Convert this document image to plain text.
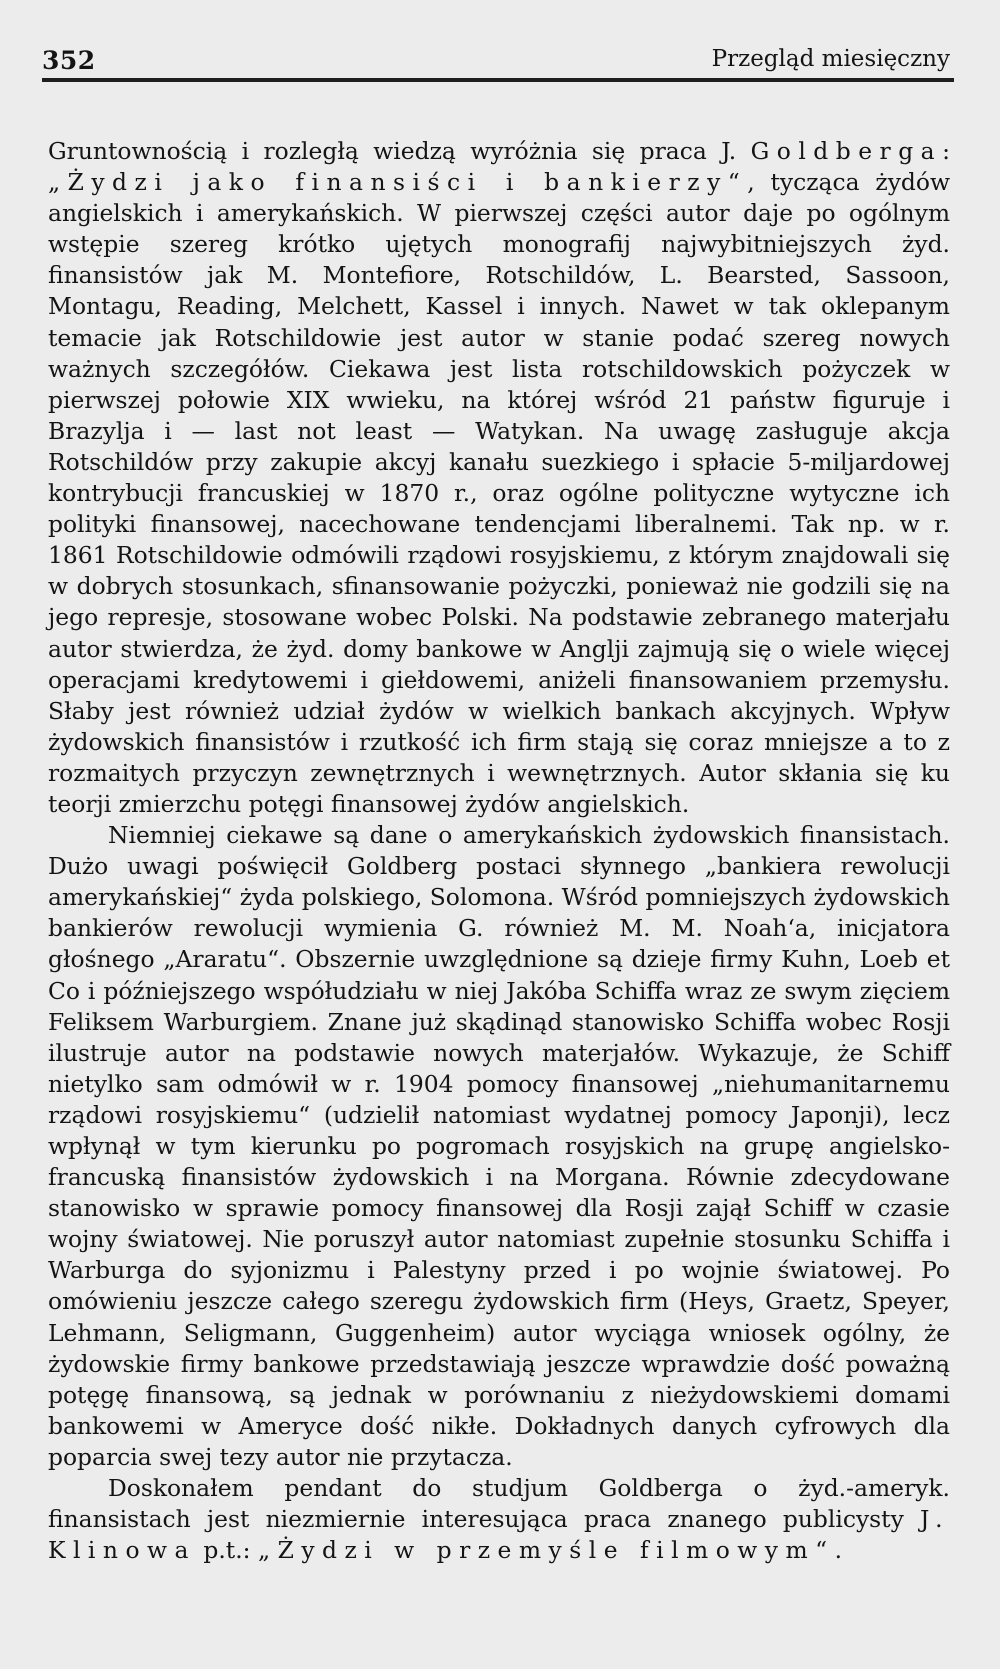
352	Przegląd miesięczny

Gruntownością i rozległą wiedzą wyróżnia się praca J. Goldberga: „Żydzi jako finansiści i bankierzy“, tycząca żydów angielskich i amerykańskich. W pierwszej części autor daje po ogólnym wstępie szereg krótko ujętych monografij najwybitniejszych żyd. finansistów jak M. Montefiore, Rotschildów, L. Bearsted, Sassoon, Montagu, Reading, Melchett, Kassel i innych. Nawet w tak oklepanym temacie jak Rotschildowie jest autor w stanie podać szereg nowych ważnych szczegółów. Ciekawa jest lista rotschildowskich pożyczek w pierwszej połowie XIX wwieku, na której wśród 21 państw figuruje i Brazylja i — last not least — Watykan. Na uwagę zasługuje akcja Rotschildów przy zakupie akcyj kanału suezkiego i spłacie 5-miljardowej kontrybucji francuskiej w 1870 r., oraz ogólne polityczne wytyczne ich polityki finansowej, nacechowane tendencjami liberalnemi. Tak np. w r. 1861 Rotschildowie odmówili rządowi rosyjskiemu, z którym znajdowali się w dobrych stosunkach, sfinansowanie pożyczki, ponieważ nie godzili się na jego represje, stosowane wobec Polski. Na podstawie zebranego materjału autor stwierdza, że żyd. domy bankowe w Anglji zajmują się o wiele więcej operacjami kredytowemi i giełdowemi, aniżeli finansowaniem przemysłu. Słaby jest również udział żydów w wielkich bankach akcyjnych. Wpływ żydowskich finansistów i rzutkość ich firm stają się coraz mniejsze a to z rozmaitych przyczyn zewnętrznych i wewnętrznych. Autor skłania się ku teorji zmierzchu potęgi finansowej żydów angielskich.

Niemniej ciekawe są dane o amerykańskich żydowskich finansistach. Dużo uwagi poświęcił Goldberg postaci słynnego „bankiera rewolucji amerykańskiej“ żyda polskiego, Solomona. Wśród pomniejszych żydowskich bankierów rewolucji wymienia G. również M. M. Noah‘a, inicjatora głośnego „Araratu“. Obszernie uwzględnione są dzieje firmy Kuhn, Loeb et Co i późniejszego współudziału w niej Jakóba Schiffa wraz ze swym zięciem Feliksem Warburgiem. Znane już skądinąd stanowisko Schiffa wobec Rosji ilustruje autor na podstawie nowych materjałów. Wykazuje, że Schiff nietylko sam odmówił w r. 1904 pomocy finansowej „niehumanitarnemu rządowi rosyjskiemu“ (udzielił natomiast wydatnej pomocy Japonji), lecz wpłynął w tym kierunku po pogromach rosyjskich na grupę angielsko-francuską finansistów żydowskich i na Morgana. Równie zdecydowane stanowisko w sprawie pomocy finansowej dla Rosji zajął Schiff w czasie wojny światowej. Nie poruszył autor natomiast zupełnie stosunku Schiffa i Warburga do syjonizmu i Palestyny przed i po wojnie światowej. Po omówieniu jeszcze całego szeregu żydowskich firm (Heys, Graetz, Speyer, Lehmann, Seligmann, Guggenheim) autor wyciąga wniosek ogólny, że żydowskie firmy bankowe przedstawiają jeszcze wprawdzie dość poważną potęgę finansową, są jednak w porównaniu z nieżydowskiemi domami bankowemi w Ameryce dość nikłe. Dokładnych danych cyfrowych dla poparcia swej tezy autor nie przytacza.

Doskonałem pendant do studjum Goldberga o żyd.-ameryk. finansistach jest niezmiernie interesująca praca znanego publicysty J. Klinowa p.t.: „Żydzi w przemyśle filmowym“.
